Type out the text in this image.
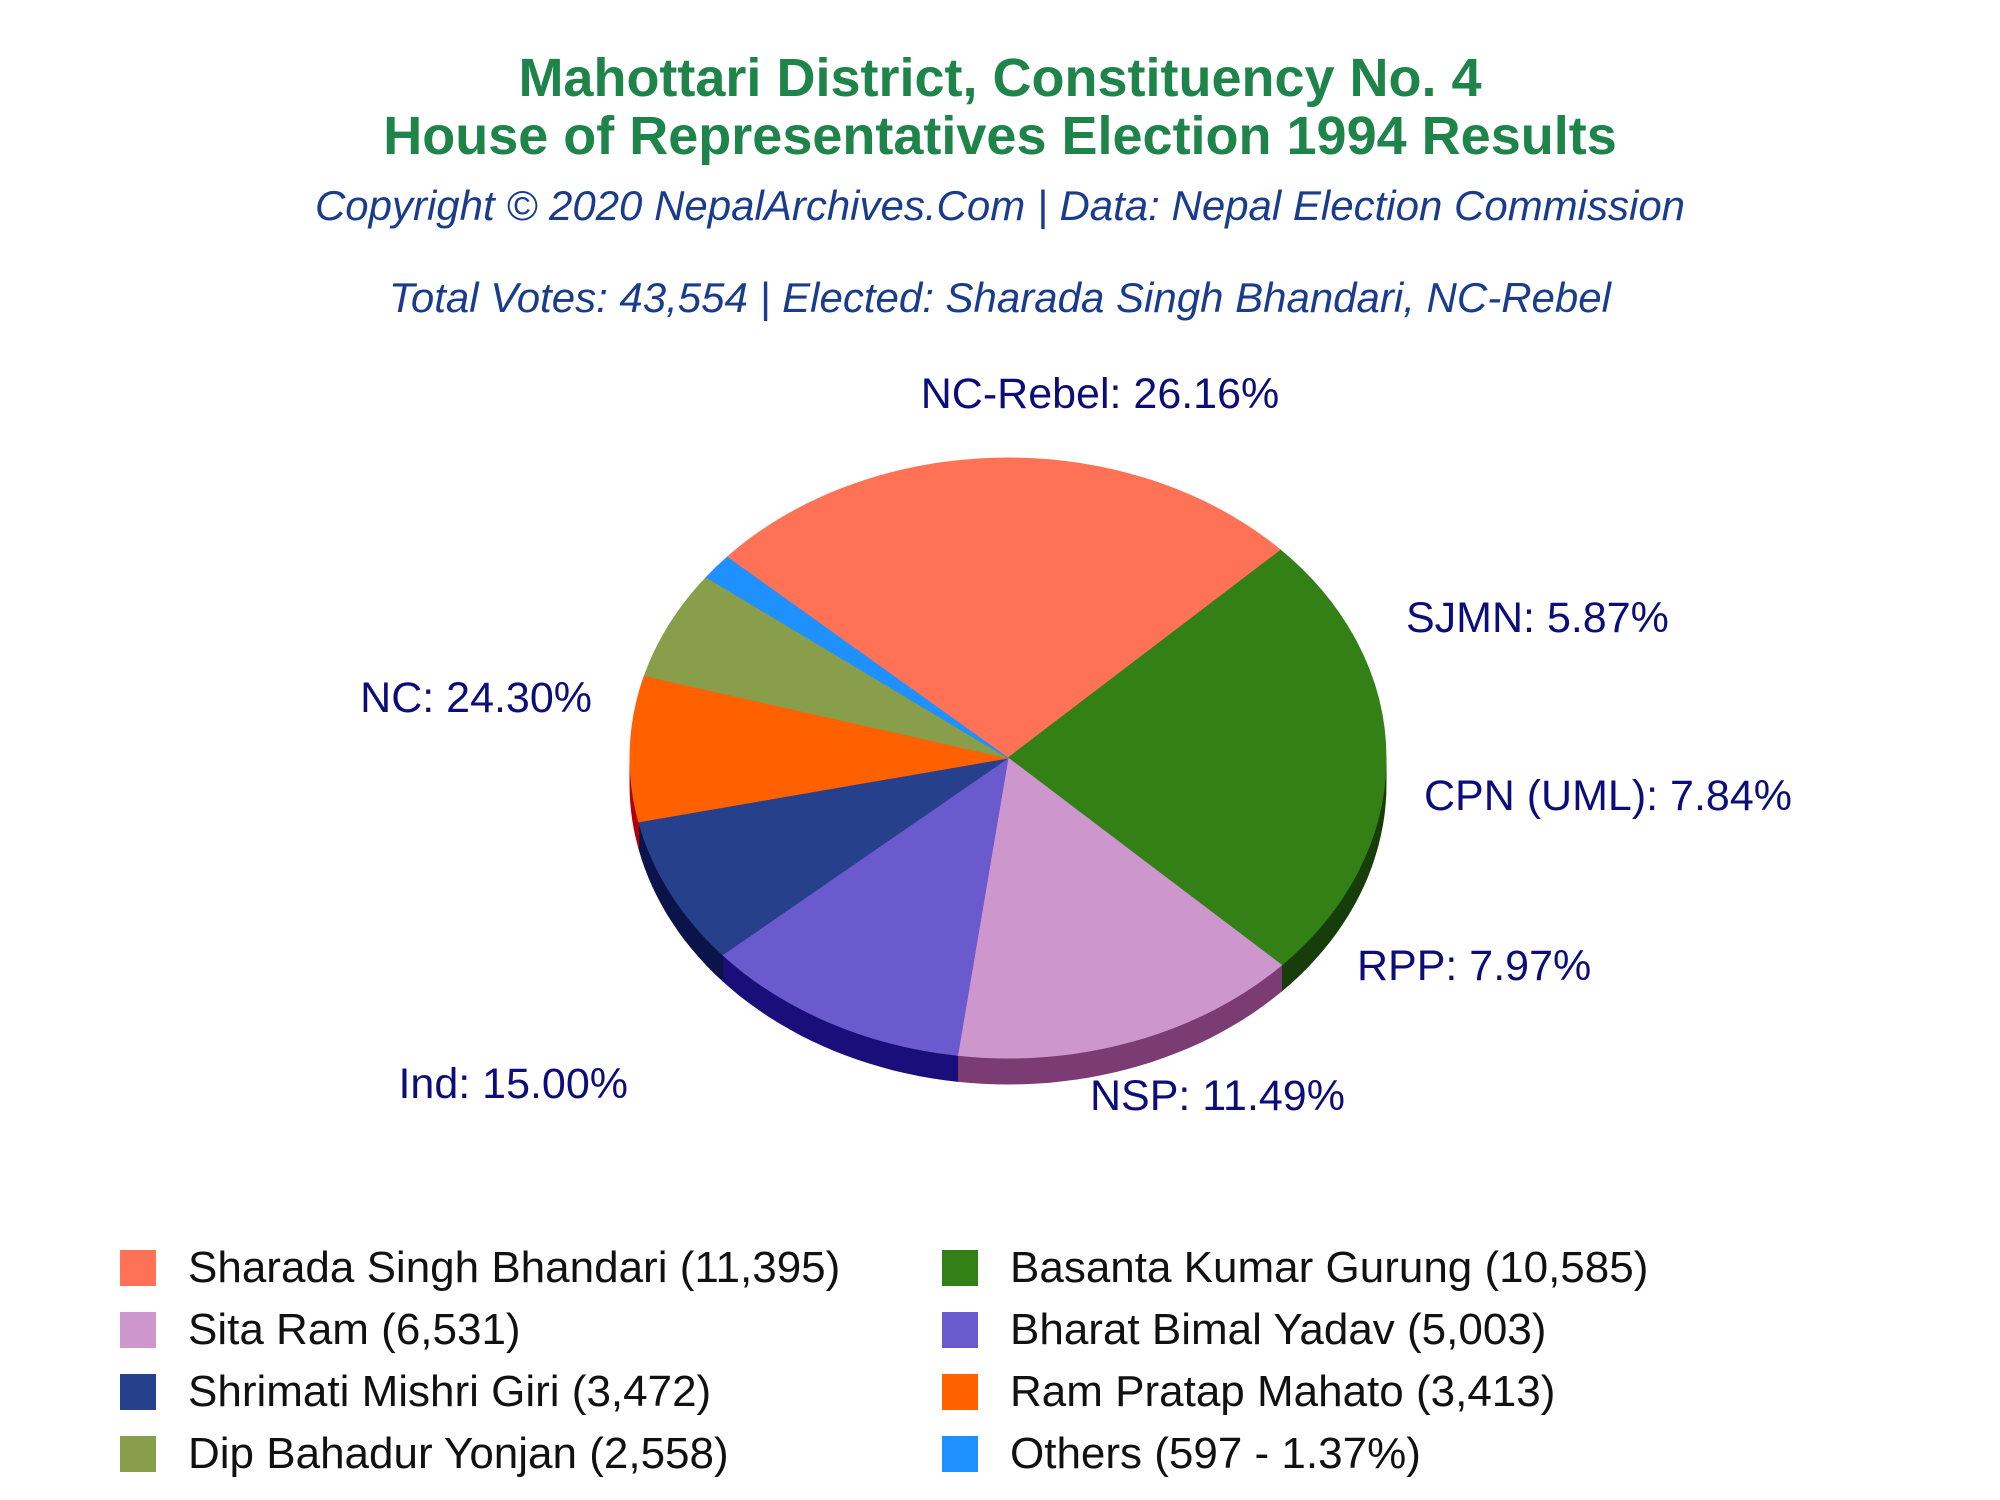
Mahottari District, Constituency No. 4
House of Representatives Election 1994 Results
Copyright © 2020 NepalArchives.Com | Data: Nepal Election Commission
Total Votes: 43,554 | Elected: Sharada Singh Bhandari, NC-Rebel
NC-Rebel: 26.16%
NC: 24.30%
Ind: 15.00%	NSP: 11.49%
RPP: 7.97%
CPN (UML): 7.84%
SJMN: 5.87%
Sharada Singh Bhandari (11,395)	Basanta Kumar Gurung (10,585)
Sita Ram (6,531)	Bharat Bimal Yadav (5,003)
Shrimati Mishri Giri (3,472)	Ram Pratap Mahato (3,413)
Dip Bahadur Yonjan (2,558)	Others (597 - 1.37%)
